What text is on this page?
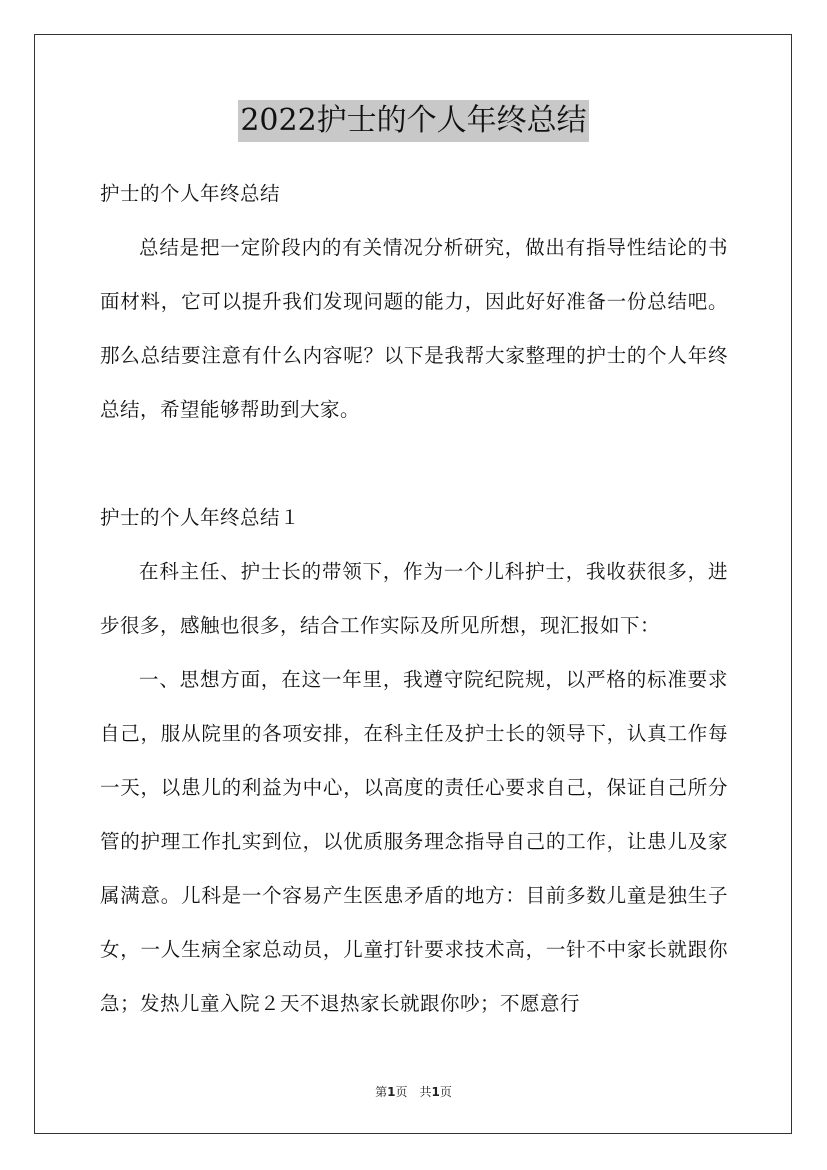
2022护士的个人年终总结

护士的个人年终总结

总结是把一定阶段内的有关情况分析研究，做出有指导性结论的书面材料，它可以提升我们发现问题的能力，因此好好准备一份总结吧。那么总结要注意有什么内容呢？以下是我帮大家整理的护士的个人年终总结，希望能够帮助到大家。

护士的个人年终总结１

在科主任、护士长的带领下，作为一个儿科护士，我收获很多，进步很多，感触也很多，结合工作实际及所见所想，现汇报如下：

一、思想方面，在这一年里，我遵守院纪院规，以严格的标准要求自己，服从院里的各项安排，在科主任及护士长的领导下，认真工作每一天，以患儿的利益为中心，以高度的责任心要求自己，保证自己所分管的护理工作扎实到位，以优质服务理念指导自己的工作，让患儿及家属满意。儿科是一个容易产生医患矛盾的地方：目前多数儿童是独生子女，一人生病全家总动员，儿童打针要求技术高，一针不中家长就跟你急；发热儿童入院２天不退热家长就跟你吵；不愿意行

第1页　共1页
